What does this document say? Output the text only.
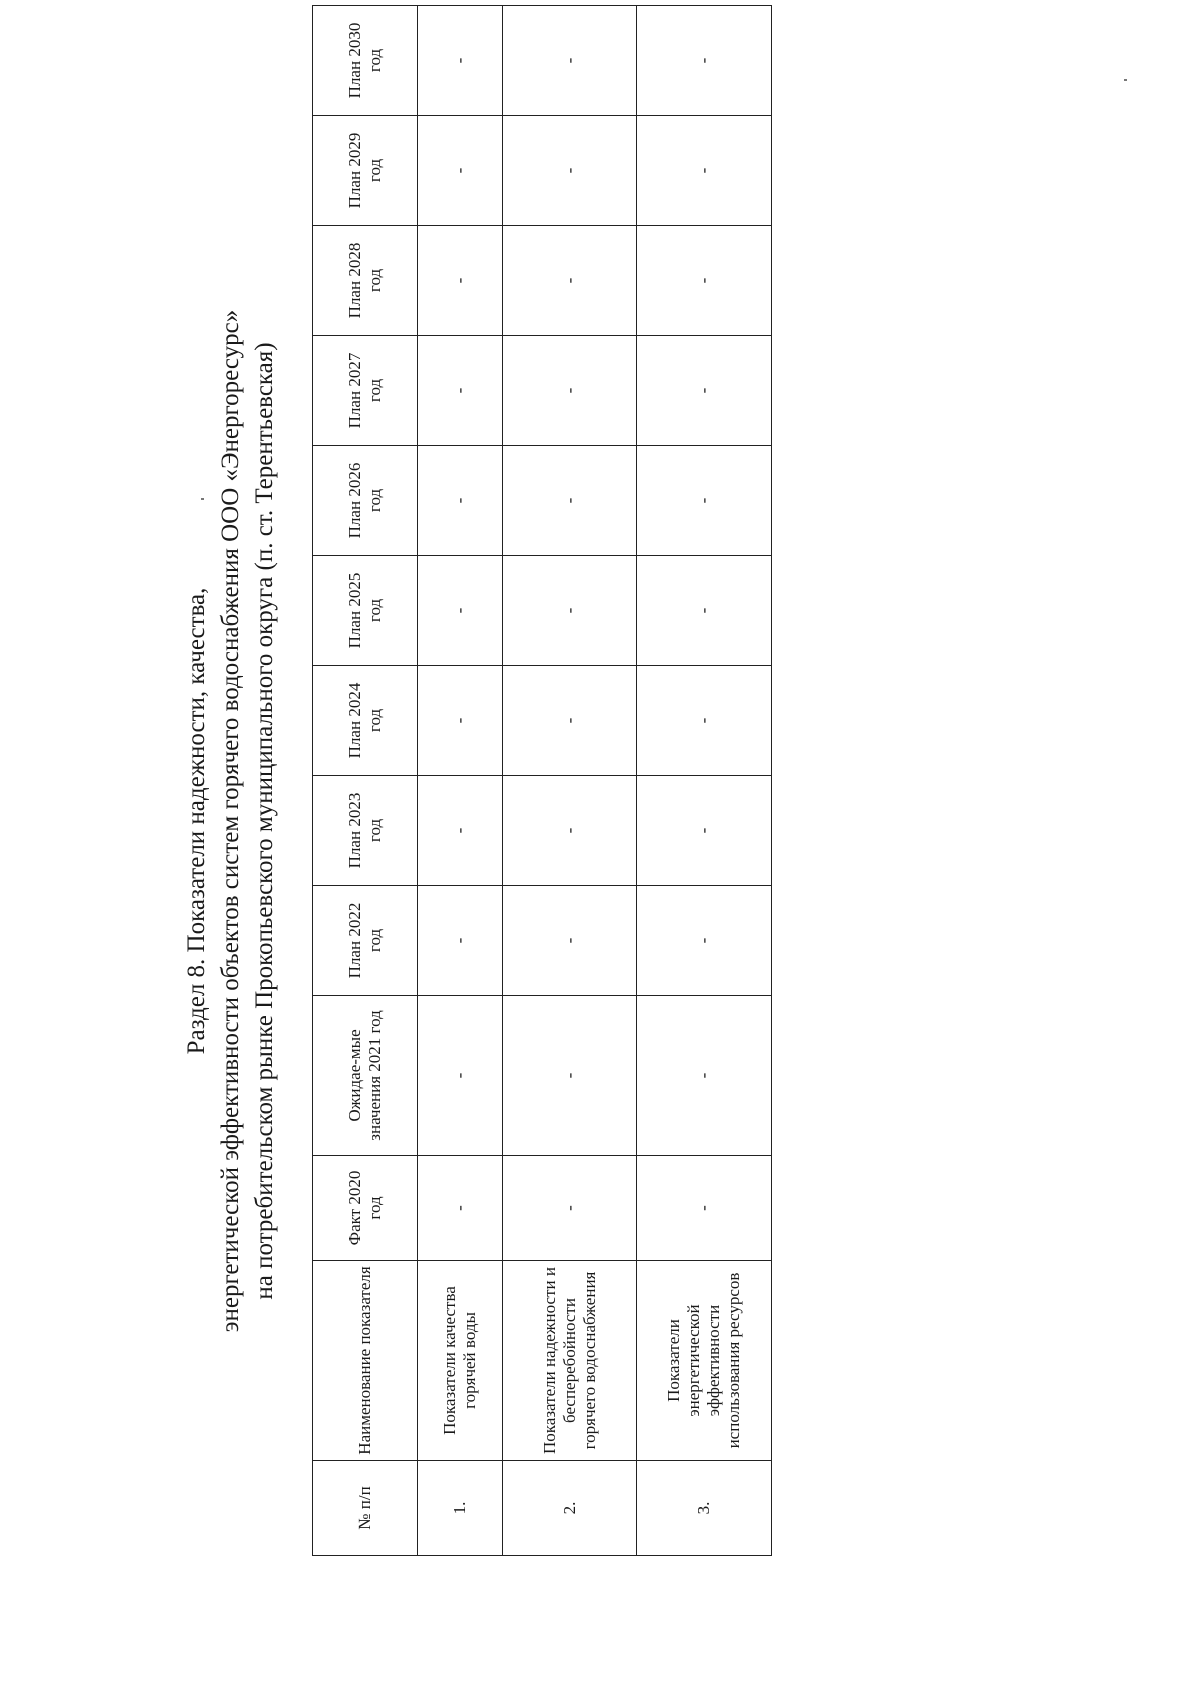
Раздел 8. Показатели надежности, качества, энергетической эффективности объектов систем горячего водоснабжения ООО «Энергоресурс» на потребительском рынке Прокопьевского муниципального округа (п. ст. Терентьевская)
№ п/п	Наименование показателя	Факт 2020 год	Ожидае-мые значения 2021 год	План 2022 год	План 2023 год	План 2024 год	План 2025 год	План 2026 год	План 2027 год	План 2028 год	План 2029 год	План 2030 год
1.	Показатели качества горячей воды	-	-	-	-	-	-	-	-	-	-	-
2.	Показатели надежности и бесперебойности горячего водоснабжения	-	-	-	-	-	-	-	-	-	-	-
3.	Показатели энергетической эффективности использования ресурсов	-	-	-	-	-	-	-	-	-	-	-
